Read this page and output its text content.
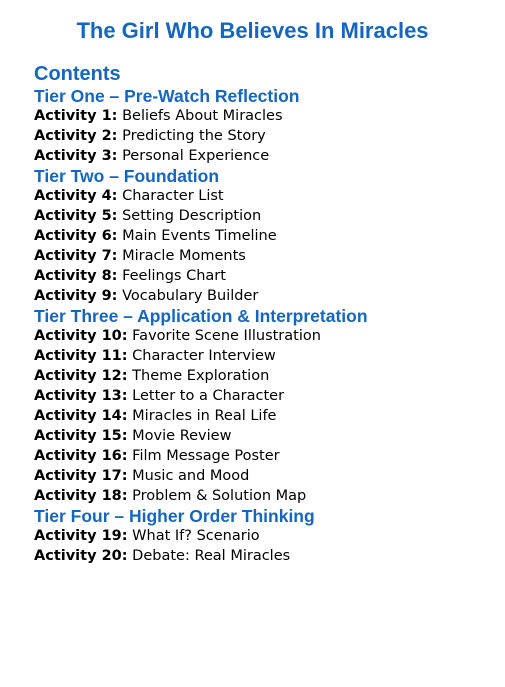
The Girl Who Believes In Miracles
Contents
Tier One – Pre-Watch Reflection
Activity 1: Beliefs About Miracles
Activity 2: Predicting the Story
Activity 3: Personal Experience
Tier Two – Foundation
Activity 4: Character List
Activity 5: Setting Description
Activity 6: Main Events Timeline
Activity 7: Miracle Moments
Activity 8: Feelings Chart
Activity 9: Vocabulary Builder
Tier Three – Application & Interpretation
Activity 10: Favorite Scene Illustration
Activity 11: Character Interview
Activity 12: Theme Exploration
Activity 13: Letter to a Character
Activity 14: Miracles in Real Life
Activity 15: Movie Review
Activity 16: Film Message Poster
Activity 17: Music and Mood
Activity 18: Problem & Solution Map
Tier Four – Higher Order Thinking
Activity 19: What If? Scenario
Activity 20: Debate: Real Miracles
